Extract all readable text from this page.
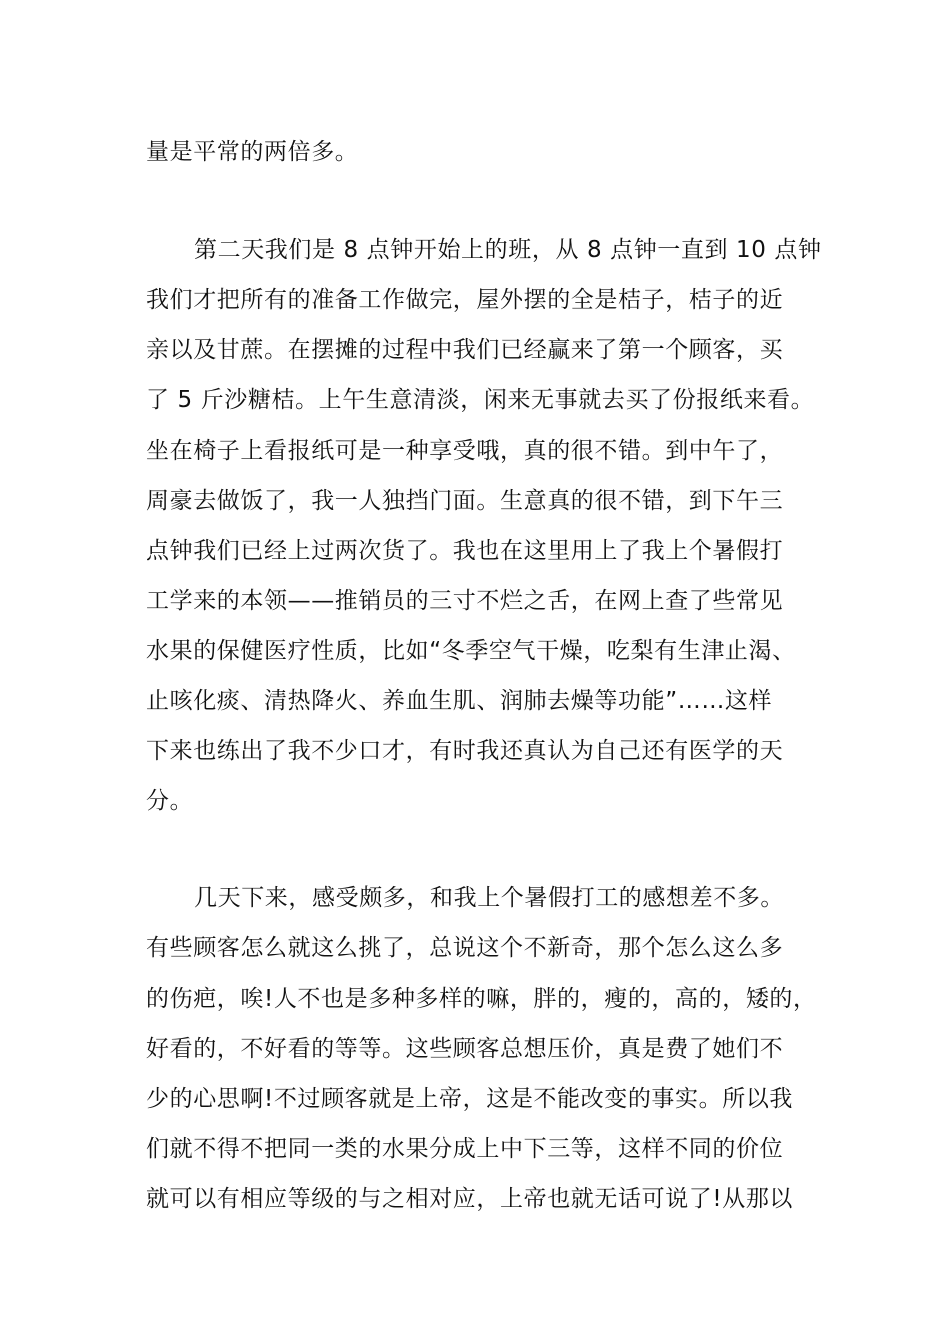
量是平常的两倍多。
第二天我们是 8 点钟开始上的班，从 8 点钟一直到 10 点钟
我们才把所有的准备工作做完，屋外摆的全是桔子，桔子的近
亲以及甘蔗。在摆摊的过程中我们已经赢来了第一个顾客，买
了 5 斤沙糖桔。上午生意清淡，闲来无事就去买了份报纸来看。
坐在椅子上看报纸可是一种享受哦，真的很不错。到中午了，
周豪去做饭了，我一人独挡门面。生意真的很不错，到下午三
点钟我们已经上过两次货了。我也在这里用上了我上个暑假打
工学来的本领——推销员的三寸不烂之舌，在网上查了些常见
水果的保健医疗性质，比如“冬季空气干燥，吃梨有生津止渴、
止咳化痰、清热降火、养血生肌、润肺去燥等功能”……这样
下来也练出了我不少口才，有时我还真认为自己还有医学的天
分。
几天下来，感受颇多，和我上个暑假打工的感想差不多。
有些顾客怎么就这么挑了，总说这个不新奇，那个怎么这么多
的伤疤，唉!人不也是多种多样的嘛，胖的，瘦的，高的，矮的，
好看的，不好看的等等。这些顾客总想压价，真是费了她们不
少的心思啊!不过顾客就是上帝，这是不能改变的事实。所以我
们就不得不把同一类的水果分成上中下三等，这样不同的价位
就可以有相应等级的与之相对应，上帝也就无话可说了!从那以
